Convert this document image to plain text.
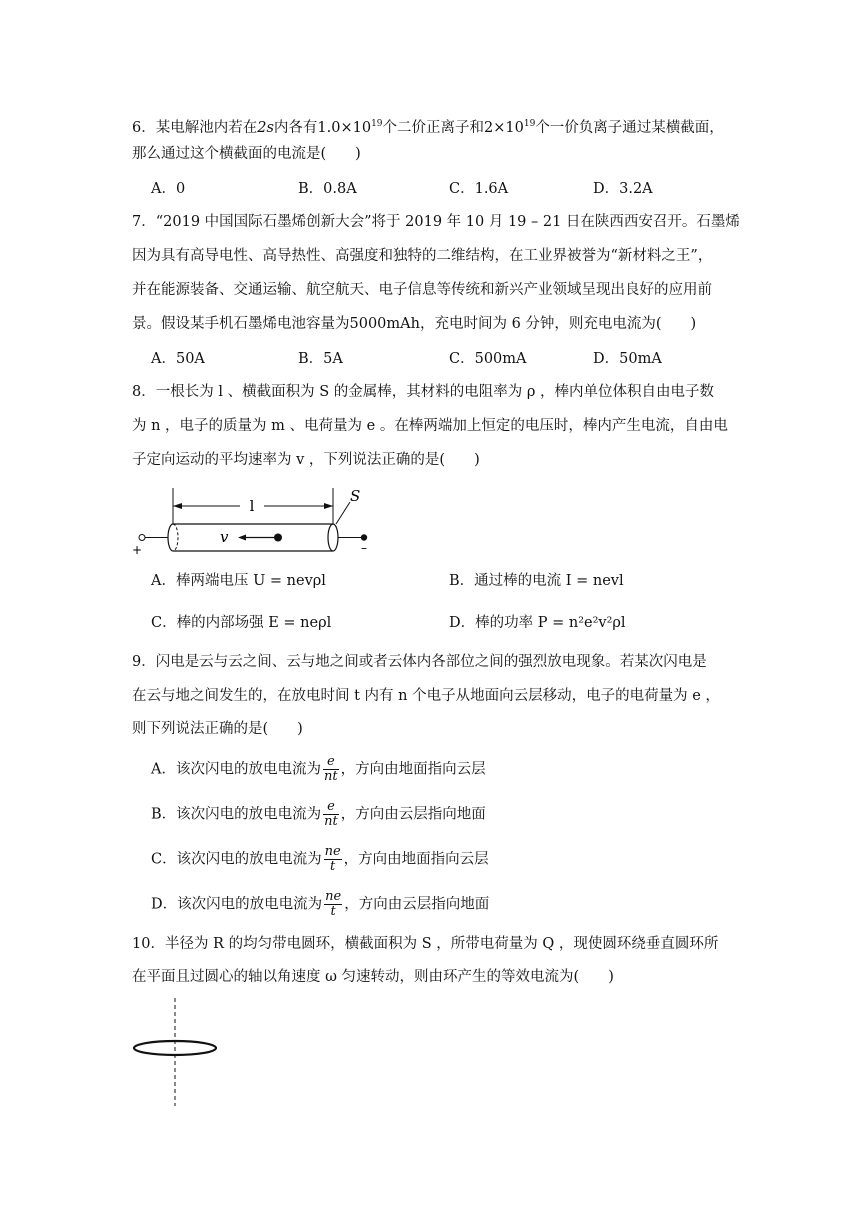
6．某电解池内若在2s内各有$1.0\times 10^{19}$个二价正离子和$2\times 10^{19}$个一价负离子通过某横截面，
那么通过这个横截面的电流是(　　)
A．0	B．0.8A	C．1.6A	D．3.2A
7．“2019 中国国际石墨烯创新大会”将于 2019 年 10 月 19 – 21 日在陕西西安召开。石墨烯
因为具有高导电性、高导热性、高强度和独特的二维结构，在工业界被誉为“新材料之王”，
并在能源装备、交通运输、航空航天、电子信息等传统和新兴产业领域呈现出良好的应用前
景。假设某手机石墨烯电池容量为5000mAh，充电时间为 6 分钟，则充电电流为(　　)
A．50A	B．5A	C．500mA	D．50mA
8．一根长为 l 、横截面积为 S 的金属棒，其材料的电阻率为 ρ ，棒内单位体积自由电子数
为 n ，电子的质量为 m 、电荷量为 e 。在棒两端加上恒定的电压时，棒内产生电流，自由电
子定向运动的平均速率为 v ，下列说法正确的是(　　)
l
S
+	–
v
A．棒两端电压 U = nevρl	B．通过棒的电流 I = nevl
C．棒的内部场强 E = neρl	D．棒的功率 P = n²e²v²ρl
9．闪电是云与云之间、云与地之间或者云体内各部位之间的强烈放电现象。若某次闪电是
在云与地之间发生的，在放电时间 t 内有 n 个电子从地面向云层移动，电子的电荷量为 e ，
则下列说法正确的是(　　)
A．该次闪电的放电电流为 $\frac{e}{nt}$ ，方向由地面指向云层
B．该次闪电的放电电流为 $\frac{e}{nt}$ ，方向由云层指向地面
C．该次闪电的放电电流为 $\frac{ne}{t}$ ，方向由地面指向云层
D．该次闪电的放电电流为 $\frac{ne}{t}$ ，方向由云层指向地面
10．半径为 R 的均匀带电圆环，横截面积为 S ，所带电荷量为 Q ，现使圆环绕垂直圆环所
在平面且过圆心的轴以角速度 ω 匀速转动，则由环产生的等效电流为(　　)
